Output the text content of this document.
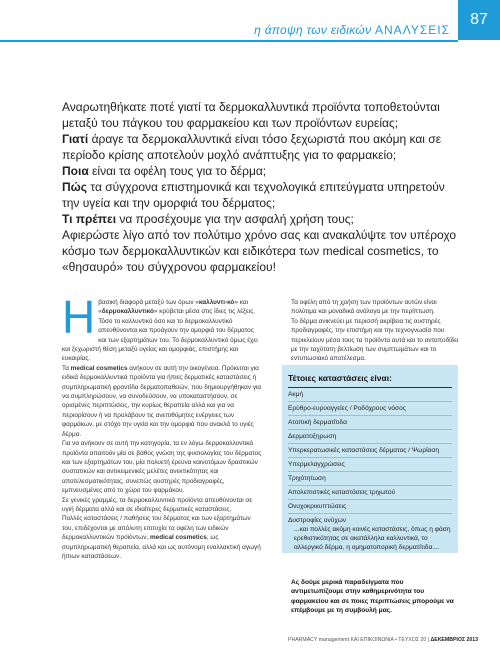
η άποψη των ειδικών ΑΝΑΛΥΣΕΙΣ
87

Αναρωτηθήκατε ποτέ γιατί τα δερμοκαλλυντικά προϊόντα τοποθετούνται μεταξύ του πάγκου του φαρμακείου και των προϊόντων ευρείας;

Γιατί άραγε τα δερμοκαλλυντικά είναι τόσο ξεχωριστά που ακόμη και σε περίοδο κρίσης αποτελούν μοχλό ανάπτυξης για το φαρμακείο;

Ποια είναι τα οφέλη τους για το δέρμα;

Πώς τα σύγχρονα επιστημονικά και τεχνολογικά επιτεύγματα υπηρετούν την υγεία και την ομορφιά του δέρματος;

Τι πρέπει να προσέχουμε για την ασφαλή χρήση τους;

Αφιερώστε λίγο από τον πολύτιμο χρόνο σας και ανακαλύψτε τον υπέροχο κόσμο των δερμοκαλλυντικών και ειδικότερα των medical cosmetics, το «θησαυρό» του σύγχρονου φαρμακείου!

Η βασική διαφορά μεταξύ των όρων «καλλυντι-κό» και «δερμοκαλλυντικό» κρύβεται μέσα στις ίδιες τις λέξεις. Τόσο το καλλυντικό όσο και το δερμοκαλλυντικό απευθύνονται και προάγουν την ομορφιά του δέρματος και των εξαρτημάτων του. Το δερμοκαλλυντικό όμως έχει και ξεχωριστή θέση μεταξύ υγείας και ομορφιάς, επιστήμης και ευκαιρίας.

Τα medical cosmetics ανήκουν σε αυτή την οικογένεια. Πρόκειται για ειδικά δερμοκαλλυντικά προϊόντα για ήπιες δερματικές καταστάσεις ή συμπληρωματική φροντίδα δερματοπαθειών, που δημιουργήθηκαν για να συμπληρώσουν, να συνοδεύσουν, να υποκαταστήσουν, σε ορισμένες περιπτώσεις, την κυρίως θεραπεία αλλά και για να περιορίσουν ή να προλάβουν τις ανεπιθύμητες ενέργειες των φαρμάκων, με στόχο την υγεία και την ομορφιά που ανακλά το υγιές δέρμα.

Για να ανήκουν σε αυτή την κατηγορία, τα εν λόγω δερμοκαλλυντικά προϊόντα απαιτούν μία σε βάθος γνώση της φυσιολογίας του δέρματος και των εξαρτημάτων του, μία πολυετή έρευνα καινοτόμων δραστικών συστατικών και αντικειμενικές μελέτες ανεκτικότητας και αποτελεσματικότητας, συνεπώς αυστηρές προδιαγραφές, εμπνευσμένες από το χώρο του φαρμάκου.

Σε γενικές γραμμές, τα δερμοκαλλυντικά προϊόντα απευθύνονται σε υγιή δέρματα αλλά και σε ιδιαίτερες δερματικές καταστάσεις.

Πολλές καταστάσεις / παθήσεις του δέρματος και των εξαρτημάτων του, επιδέχονται με απόλυτη επιτυχία τα οφέλη των ειδικών δερμοκαλλυντικών προϊόντων, medical cosmetics, ως συμπληρωματική θεραπεία, αλλά και ως αυτόνομη εναλλακτική αγωγή ήπιων καταστάσεων.

Τα οφέλη από τη χρήση των προϊόντων αυτών είναι πολύτιμα και μοναδικά ανάλογα με την περίπτωση.

Το δέρμα ανικνεύει με περισσή ακρίβεια τις αυστηρές προδιαγραφές, την επιστήμη και την τεχνογνωσία που περικλείουν μέσα τους τα προϊόντα αυτά και το ανταποδίδει με την ταχύτατη βελτίωση των συμπτωμάτων και το εντυπωσιακό αποτέλεσμα.

Τέτοιες καταστάσεις είναι:
Ακμή
Ερύθρο-ευρυαγγείες / Ροδόχρους νόσος
Ατοπική δερματίτιδα
Δερματοξηρωση
Υπερκερατωσικές καταστάσεις δέρματος / Ψωρίαση
Υπερμελαγχρώσεις
Τριχότητωση
Απολεπιστικές καταστάσεις τριχωτού
Ονυχοκρικυπτώσεις
Δυστροφίες ονύχων
...και πολλές ακόμη κοινές καταστάσεις, όπως η φάση ερεθιστικότητας σε ακατάλληλα καλλυντικά, το αλλεργικό δέρμα, η ομηματοπορική δερματίτιδα....
Ας δούμε μερικά παραδείγματα που αντιμετωπίζουμε στην καθημερινότητα του φαρμακείου και σε ποιες περιπτώσεις μπορούμε να επέμβουμε με τη συμβουλή μας.
PHARMACY management ΚΑΙ ΕΠΙΚΟΙΝΩΝΙΑ • ΤΕΥΧΟΣ 20 | ΔΕΚΕΜΒΡΙΟΣ 2013
